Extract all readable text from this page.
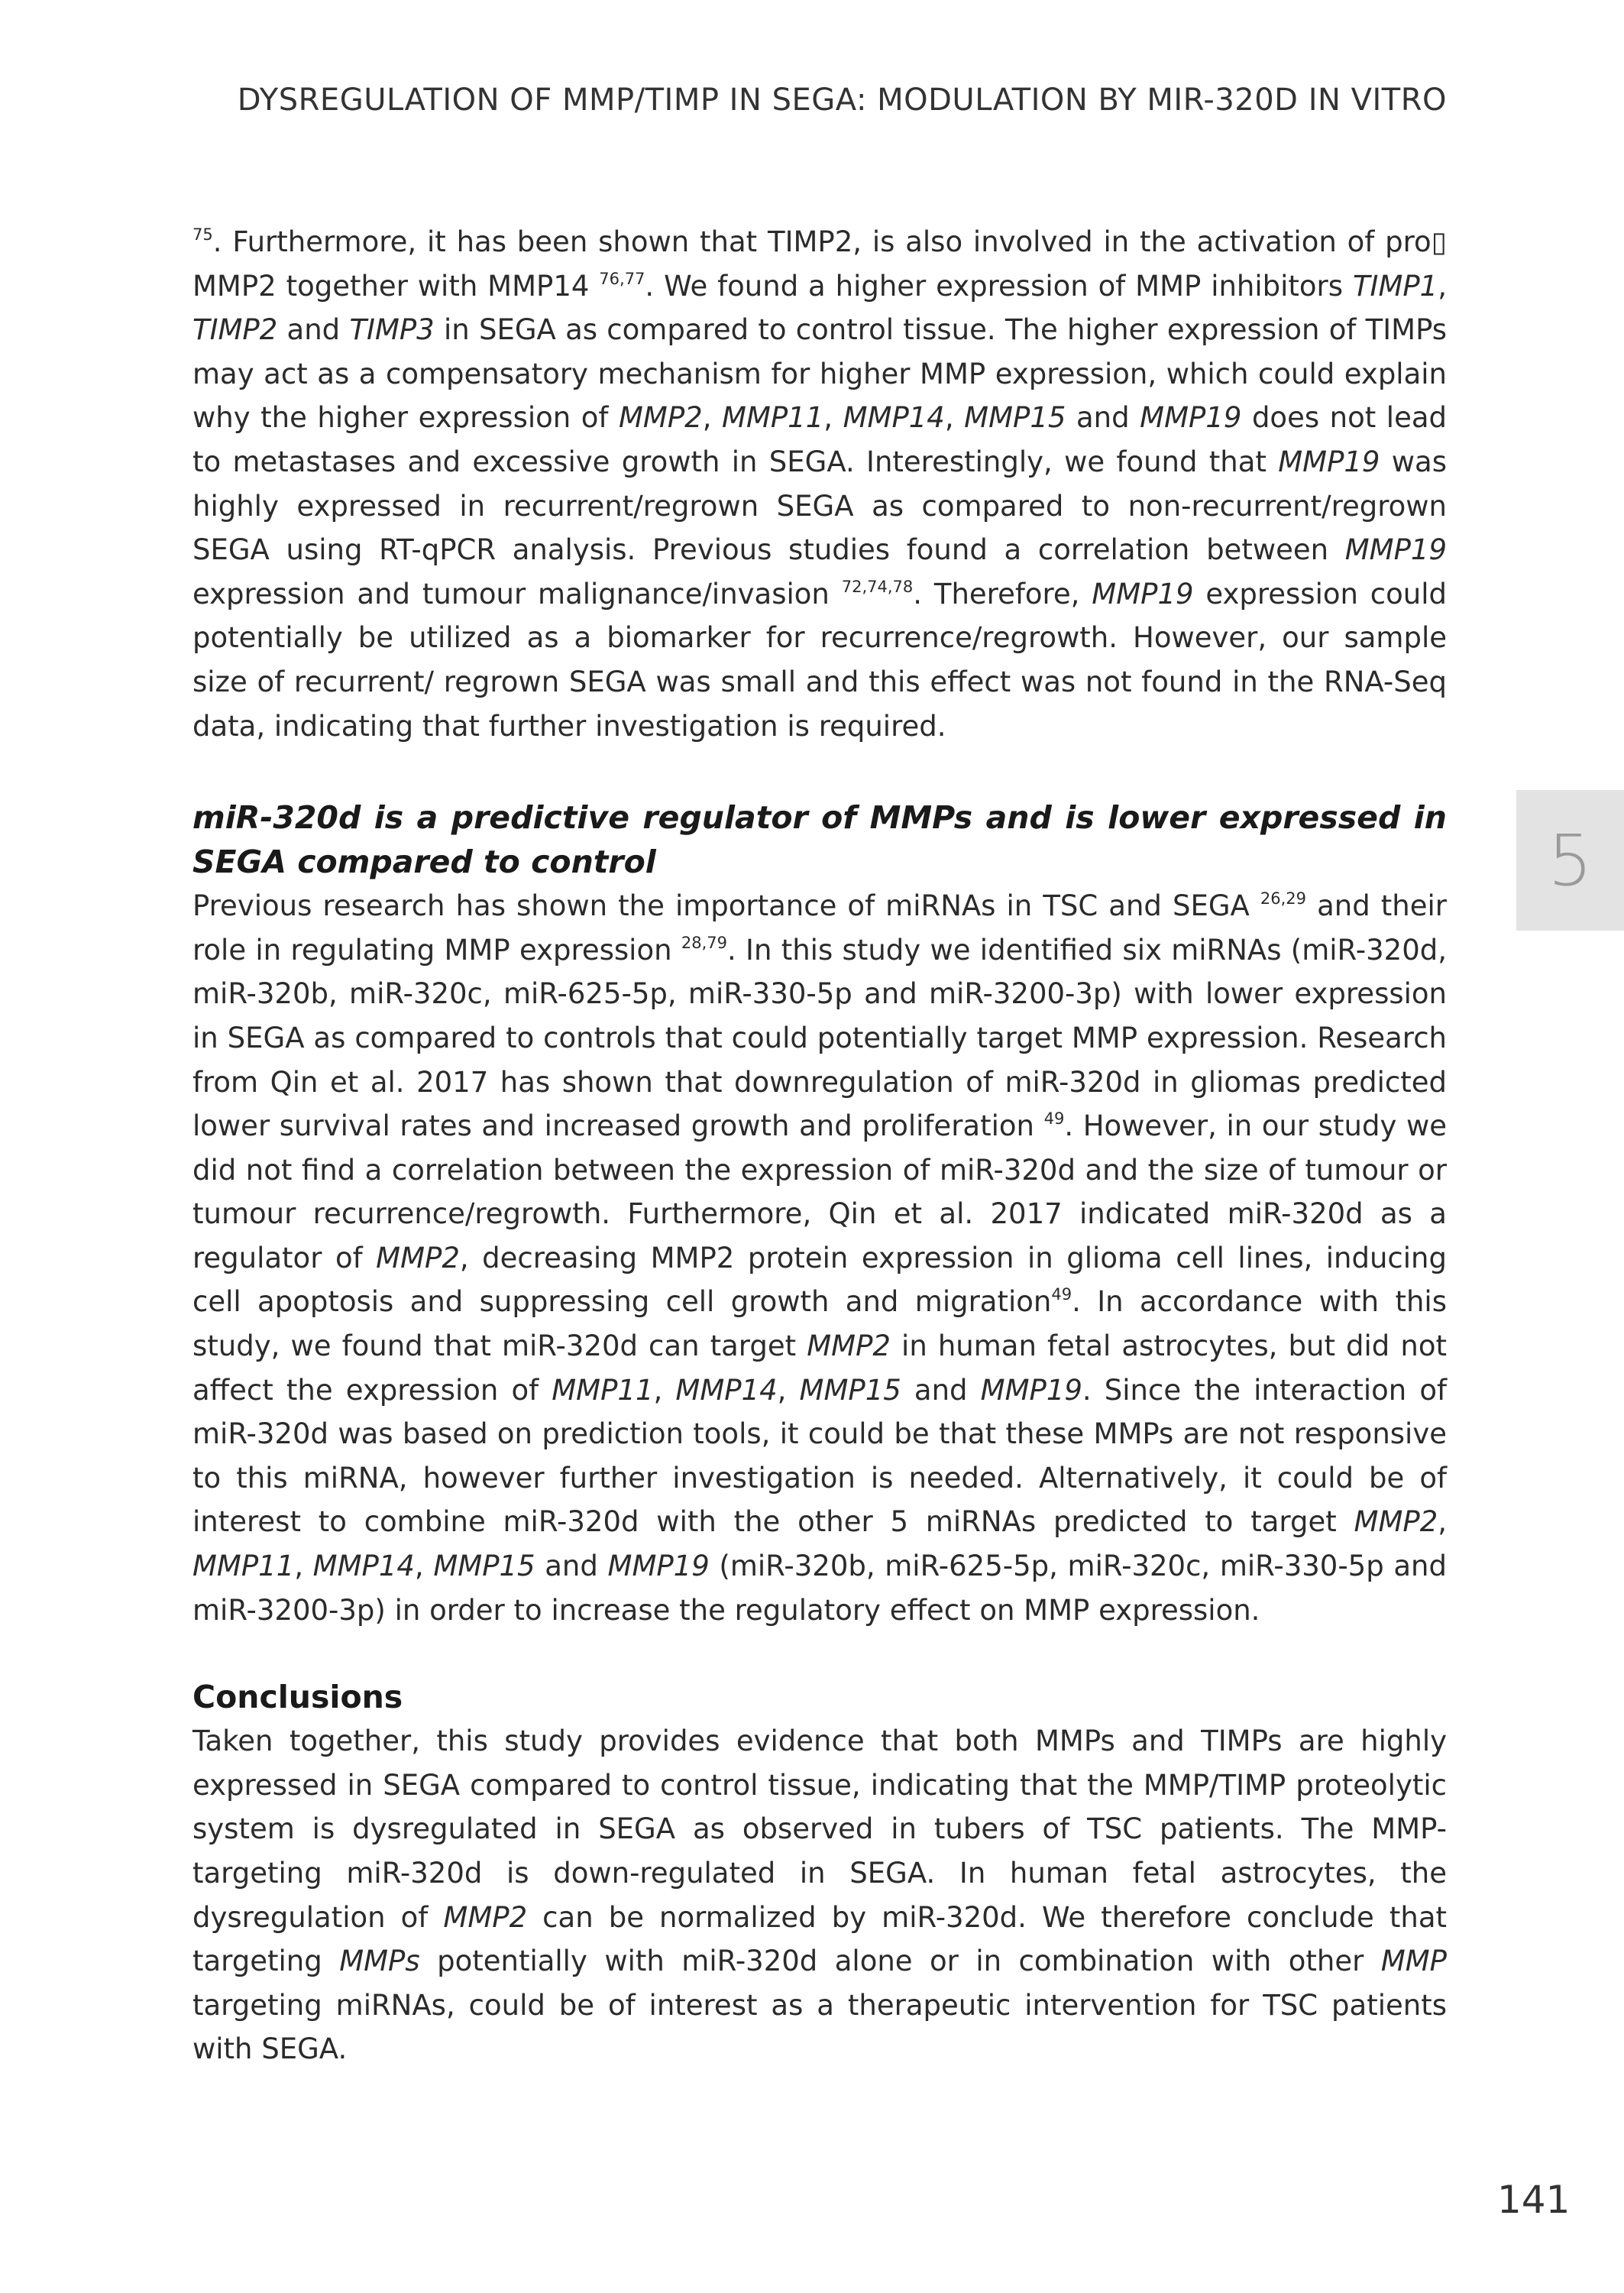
DYSREGULATION OF MMP/TIMP IN SEGA: MODULATION BY MIR-320D IN VITRO
5

$^{75}$. Furthermore, it has been shown that TIMP2, is also involved in the activation of pro▯ MMP2 together with MMP14 $^{76,77}$. We found a higher expression of MMP inhibitors TIMP1, TIMP2 and TIMP3 in SEGA as compared to control tissue. The higher expression of TIMPs may act as a compensatory mechanism for higher MMP expression, which could explain why the higher expression of MMP2, MMP11, MMP14, MMP15 and MMP19 does not lead to metastases and excessive growth in SEGA. Interestingly, we found that MMP19 was highly expressed in recurrent/regrown SEGA as compared to non-recurrent/regrown SEGA using RT-qPCR analysis. Previous studies found a correlation between MMP19 expression and tumour malignance/invasion $^{72,74,78}$. Therefore, MMP19 expression could potentially be utilized as a biomarker for recurrence/regrowth. However, our sample size of recurrent/ regrown SEGA was small and this effect was not found in the RNA-Seq data, indicating that further investigation is required.

miR-320d is a predictive regulator of MMPs and is lower expressed in SEGA compared to control

Previous research has shown the importance of miRNAs in TSC and SEGA $^{26,29}$ and their role in regulating MMP expression $^{28,79}$. In this study we identified six miRNAs (miR-320d, miR-320b, miR-320c, miR-625-5p, miR-330-5p and miR-3200-3p) with lower expression in SEGA as compared to controls that could potentially target MMP expression. Research from Qin et al. 2017 has shown that downregulation of miR-320d in gliomas predicted lower survival rates and increased growth and proliferation $^{49}$. However, in our study we did not find a correlation between the expression of miR-320d and the size of tumour or tumour recurrence/regrowth. Furthermore, Qin et al. 2017 indicated miR-320d as a regulator of MMP2, decreasing MMP2 protein expression in glioma cell lines, inducing cell apoptosis and suppressing cell growth and migration$^{49}$. In accordance with this study, we found that miR-320d can target MMP2 in human fetal astrocytes, but did not affect the expression of MMP11, MMP14, MMP15 and MMP19. Since the interaction of miR-320d was based on prediction tools, it could be that these MMPs are not responsive to this miRNA, however further investigation is needed. Alternatively, it could be of interest to combine miR-320d with the other 5 miRNAs predicted to target MMP2, MMP11, MMP14, MMP15 and MMP19 (miR-320b, miR-625-5p, miR-320c, miR-330-5p and miR-3200-3p) in order to increase the regulatory effect on MMP expression.

Conclusions

Taken together, this study provides evidence that both MMPs and TIMPs are highly expressed in SEGA compared to control tissue, indicating that the MMP/TIMP proteolytic system is dysregulated in SEGA as observed in tubers of TSC patients. The MMP-targeting miR-320d is down-regulated in SEGA. In human fetal astrocytes, the dysregulation of MMP2 can be normalized by miR-320d. We therefore conclude that targeting MMPs potentially with miR-320d alone or in combination with other MMP targeting miRNAs, could be of interest as a therapeutic intervention for TSC patients with SEGA.

141
